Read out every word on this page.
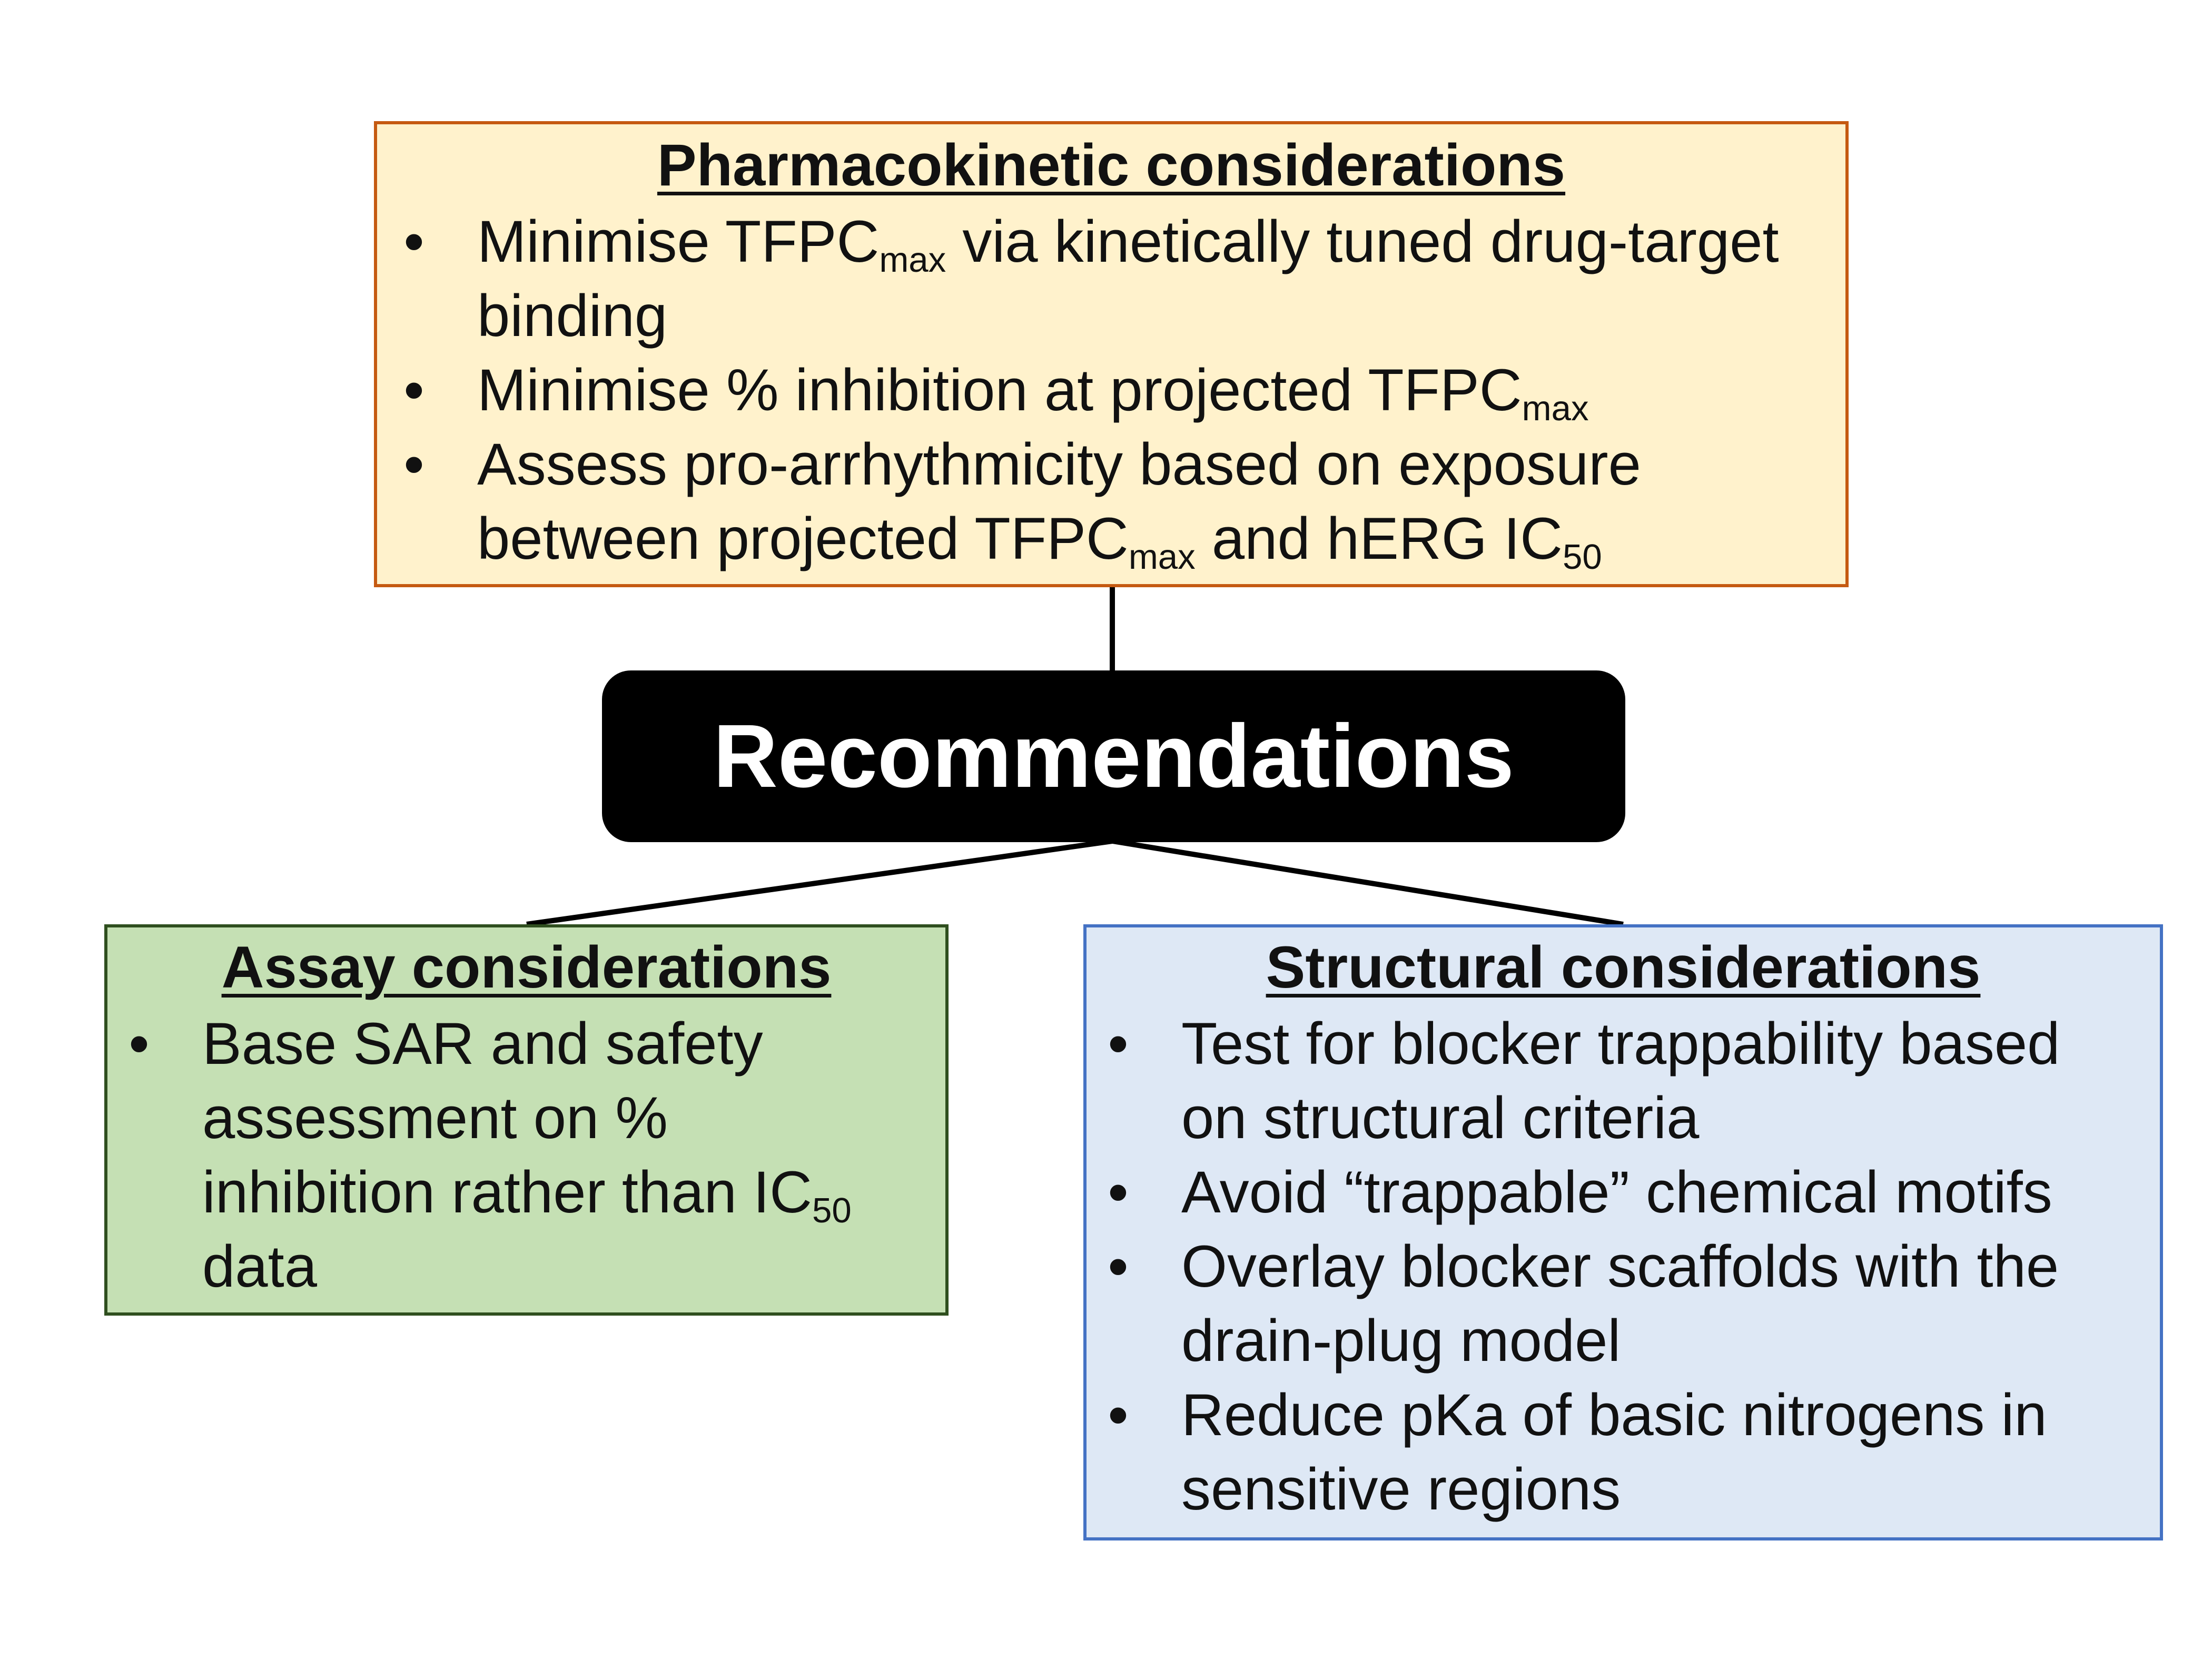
Pharmacokinetic considerations
• Minimise $TFPC_{max}$ via kinetically tuned drug-target binding
• Minimise % inhibition at projected $TFPC_{max}$
• Assess pro-arrhythmicity based on exposure between projected $TFPC_{max}$ and hERG $IC_{50}$
Recommendations
Assay considerations
• Base SAR and safety assessment on % inhibition rather than $IC_{50}$ data
Structural considerations
• Test for blocker trappability based on structural criteria
• Avoid “trappable” chemical motifs
• Overlay blocker scaffolds with the drain-plug model
• Reduce pKa of basic nitrogens in sensitive regions
